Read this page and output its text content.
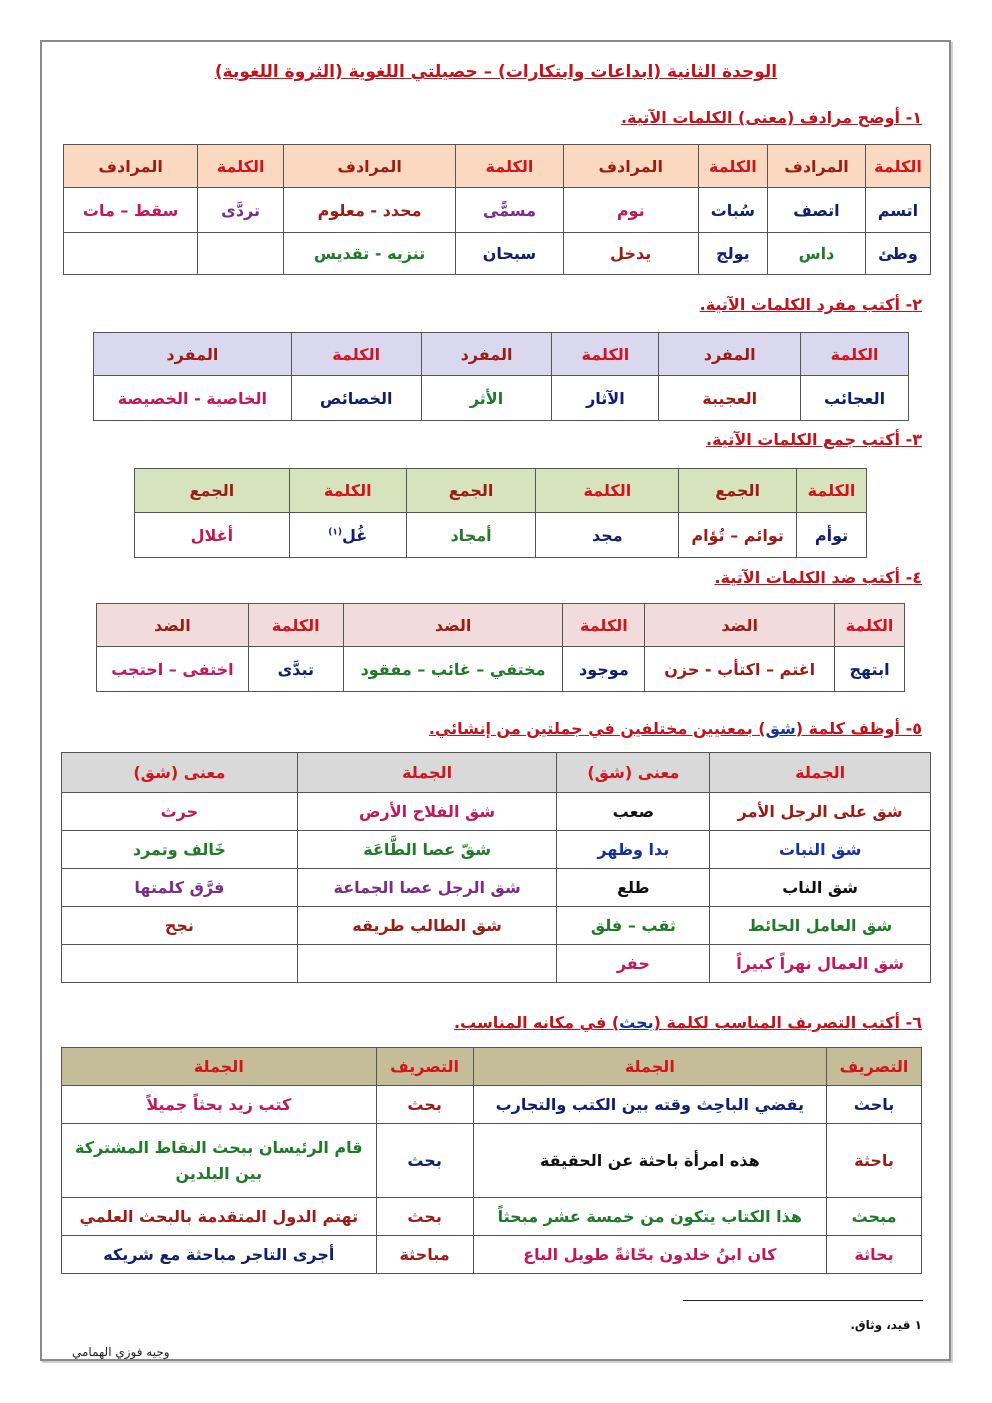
الوحدة الثانية (ابداعات وابتكارات) – حصيلتي اللغوية (الثروة اللغوية)
١- أوضح مرادف (معنى) الكلمات الآتية.
الكلمة	المرادف	الكلمة	المرادف	الكلمة	المرادف	الكلمة	المرادف
اتسم	اتصف	سُبات	نوم	مسمًّى	محدد - معلوم	تردَّى	سقط – مات
وطئ	داس	يولج	يدخل	سبحان	تنزيه - تقديس		
٢- أكتب مفرد الكلمات الآتية.
الكلمة	المفرد	الكلمة	المفرد	الكلمة	المفرد
العجائب	العجيبة	الآثار	الأثر	الخصائص	الخاصية - الخصيصة
٣- أكتب جمع الكلمات الآتية.
الكلمة	الجمع	الكلمة	الجمع	الكلمة	الجمع
توأم	توائم – تُؤام	مجد	أمجاد	غُل$^{(١)}$	أغلال
٤- أكتب ضد الكلمات الآتية.
الكلمة	الضد	الكلمة	الضد	الكلمة	الضد
ابتهج	اغتم – اكتأب - حزن	موجود	مختفي – غائب – مفقود	تبدَّى	اختفى – احتجب
٥- أوظف كلمة (شق) بمعنيين مختلفين في جملتين من إنشائي.
الجملة	معنى (شق)	الجملة	معنى (شق)
شق على الرجل الأمر	صعب	شق الفلاح الأرض	حرث
شق النبات	بدا وظهر	شقّ عصا الطَّاعَة	خَالف وتمرد
شق الناب	طلع	شق الرجل عصا الجماعة	فرَّق كلمتها
شق العامل الحائط	ثقب – فلق	شق الطالب طريقه	نجح
شق العمال نهراً كبيراً	حفر		
٦- أكتب التصريف المناسب لكلمة (بحث) في مكانه المناسب.
التصريف	الجملة	التصريف	الجملة
باحث	يقضي الباحِث وقته بين الكتب والتجارب	بحث	كتب زيد بحثاً جميلاً
باحثة	هذه امرأة باحثة عن الحقيقة	بحث	قام الرئيسان ببحث النقاط المشتركة بين البلدين
مبحث	هذا الكتاب يتكون من خمسة عشر مبحثاً	بحث	تهتم الدول المتقدمة بالبحث العلمي
بحاثة	كان ابنُ خلدون بحّاثةً طويل الباع	مباحثة	أجرى التاجر مباحثة مع شريكه
١ قيد، وثاق.
وجيه فوزي الهمامي
